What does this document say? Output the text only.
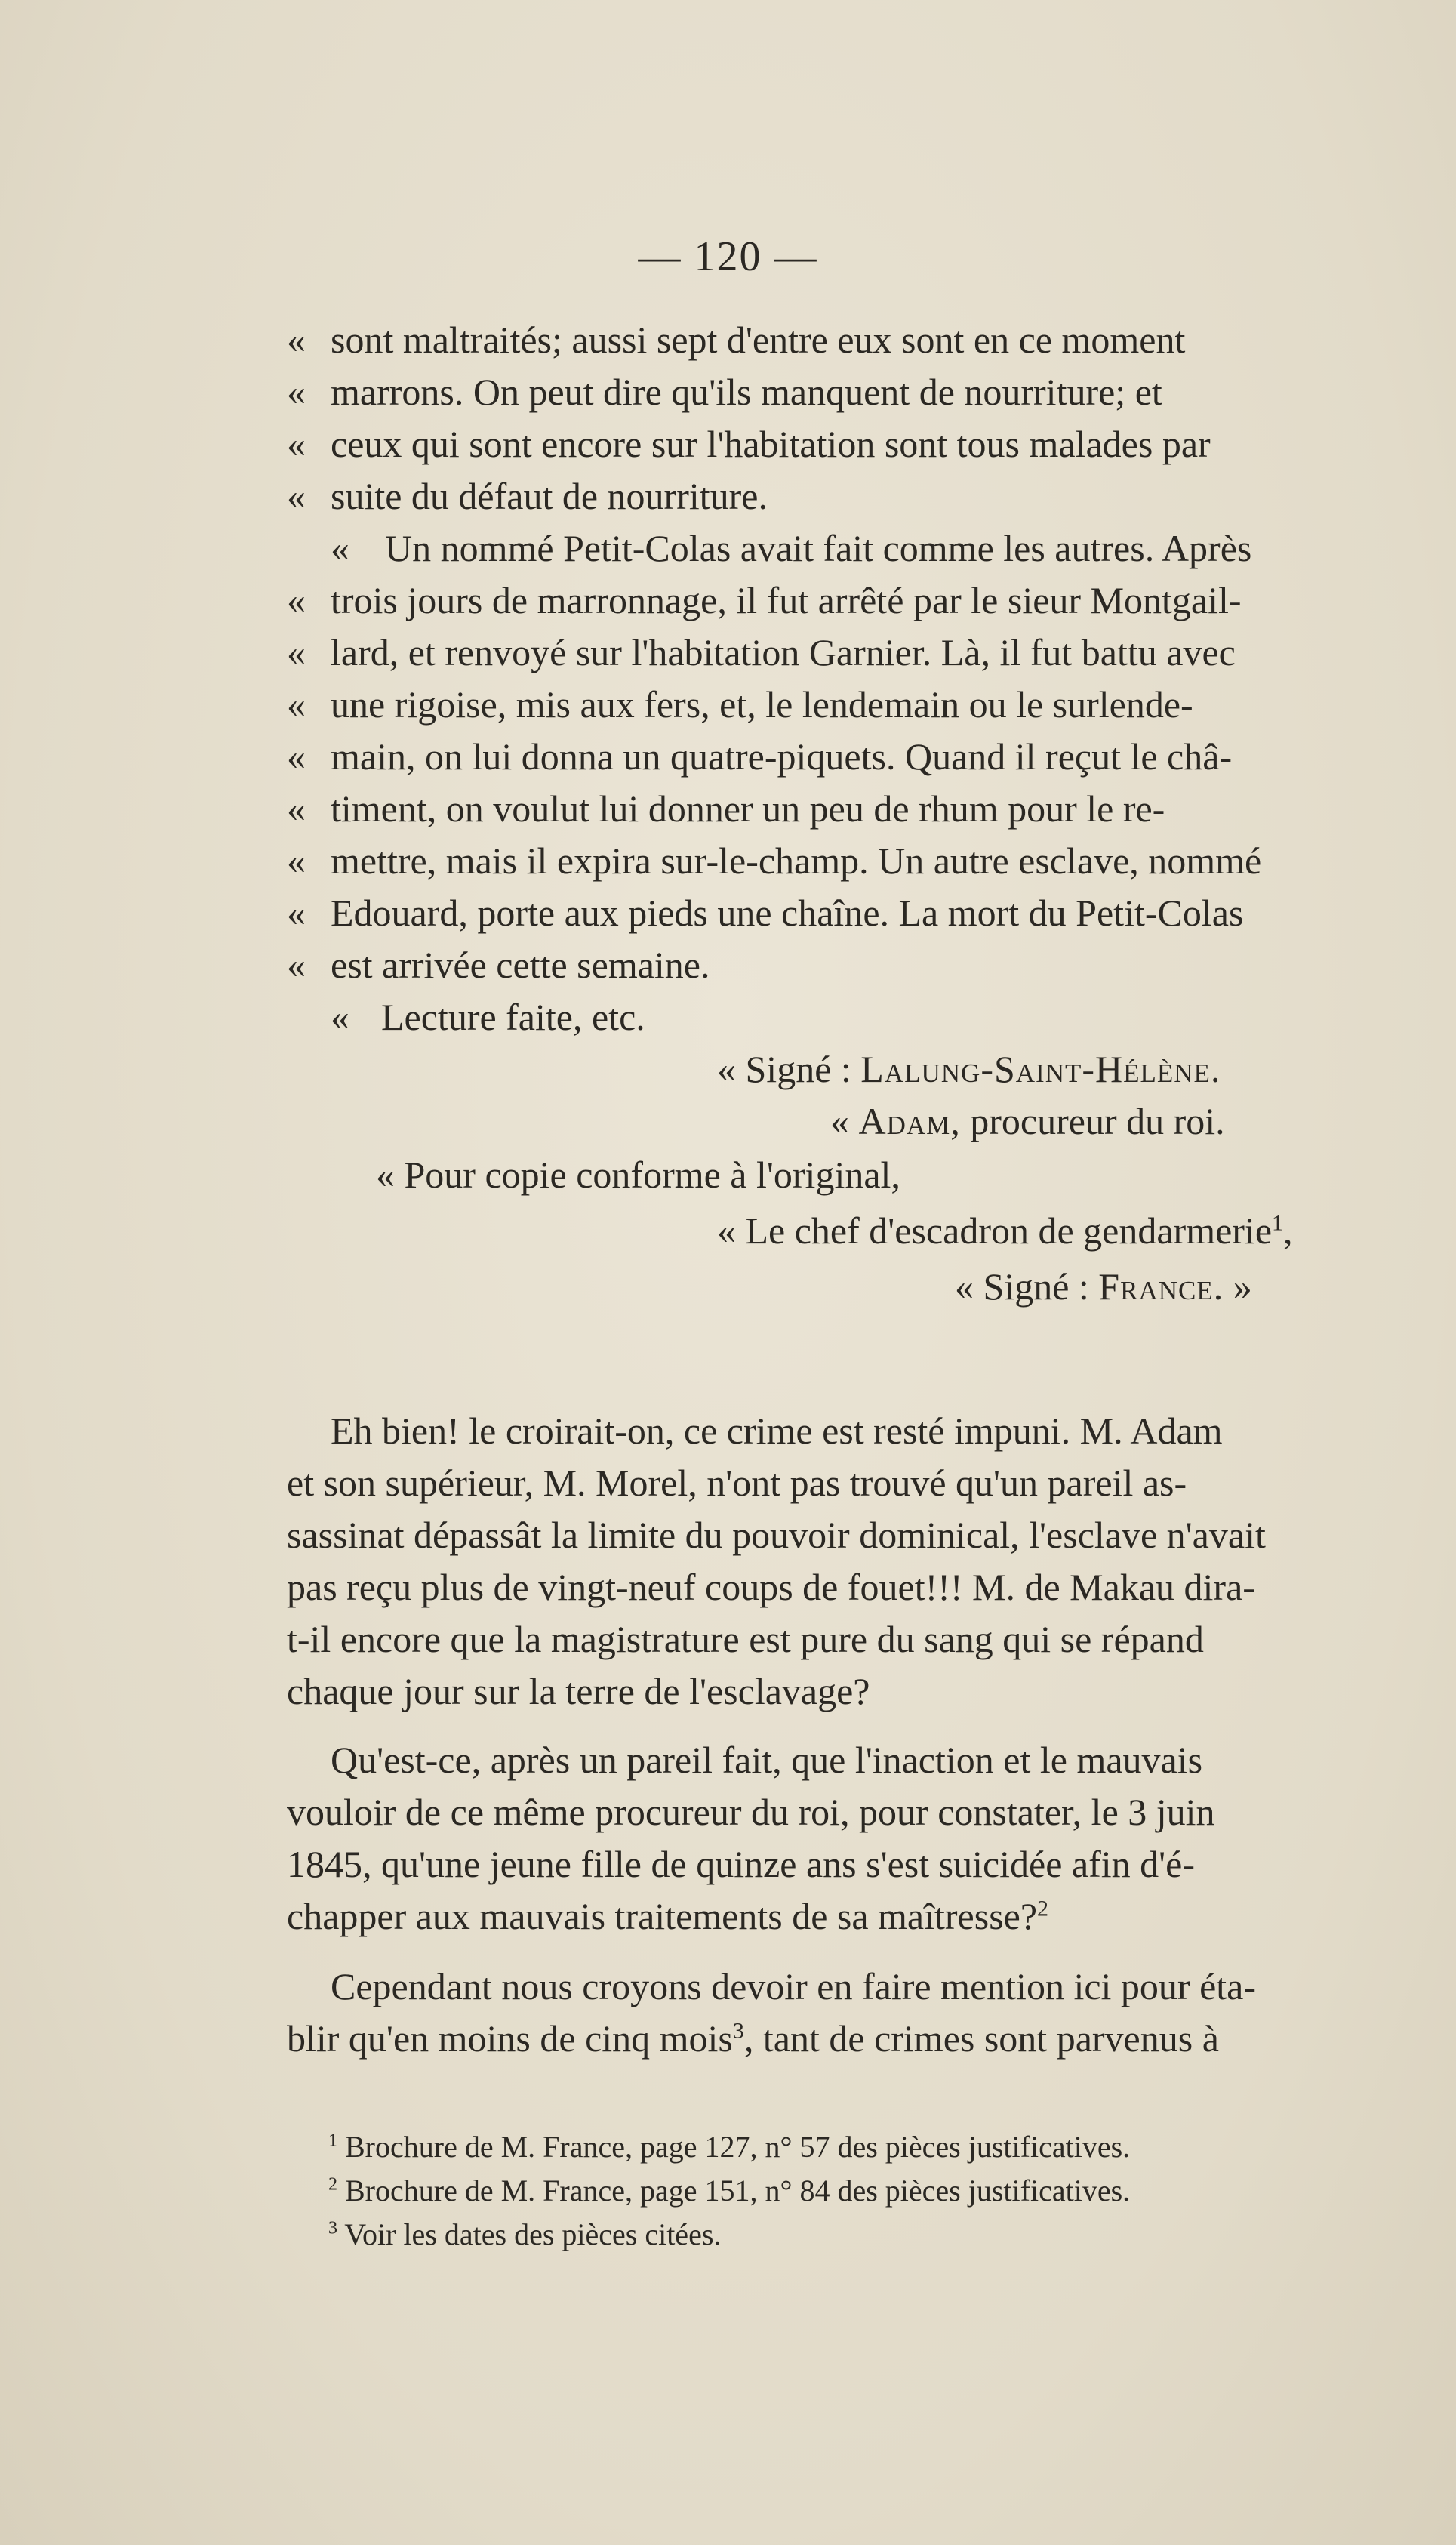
— 120 —
« sont maltraités; aussi sept d'entre eux sont en ce moment
« marrons. On peut dire qu'ils manquent de nourriture; et
« ceux qui sont encore sur l'habitation sont tous malades par
« suite du défaut de nourriture.
« Un nommé Petit-Colas avait fait comme les autres. Après
« trois jours de marronnage, il fut arrêté par le sieur Montgail-
« lard, et renvoyé sur l'habitation Garnier. Là, il fut battu avec
« une rigoise, mis aux fers, et, le lendemain ou le surlende-
« main, on lui donna un quatre-piquets. Quand il reçut le châ-
« timent, on voulut lui donner un peu de rhum pour le re-
« mettre, mais il expira sur-le-champ. Un autre esclave, nommé
« Edouard, porte aux pieds une chaîne. La mort du Petit-Colas
« est arrivée cette semaine.
« Lecture faite, etc.
« Signé : Lalung-Saint-Hélène.
« Adam, procureur du roi.
« Pour copie conforme à l'original,
« Le chef d'escadron de gendarmerie$^1$,
« Signé : France. »
Eh bien! le croirait-on, ce crime est resté impuni. M. Adam
et son supérieur, M. Morel, n'ont pas trouvé qu'un pareil as-
sassinat dépassât la limite du pouvoir dominical, l'esclave n'avait
pas reçu plus de vingt-neuf coups de fouet!!! M. de Makau dira-
t-il encore que la magistrature est pure du sang qui se répand
chaque jour sur la terre de l'esclavage?
Qu'est-ce, après un pareil fait, que l'inaction et le mauvais
vouloir de ce même procureur du roi, pour constater, le 3 juin
1845, qu'une jeune fille de quinze ans s'est suicidée afin d'é-
chapper aux mauvais traitements de sa maîtresse?$^2$
Cependant nous croyons devoir en faire mention ici pour éta-
blir qu'en moins de cinq mois$^3$, tant de crimes sont parvenus à
$^1$ Brochure de M. France, page 127, n° 57 des pièces justificatives.
$^2$ Brochure de M. France, page 151, n° 84 des pièces justificatives.
$^3$ Voir les dates des pièces citées.
